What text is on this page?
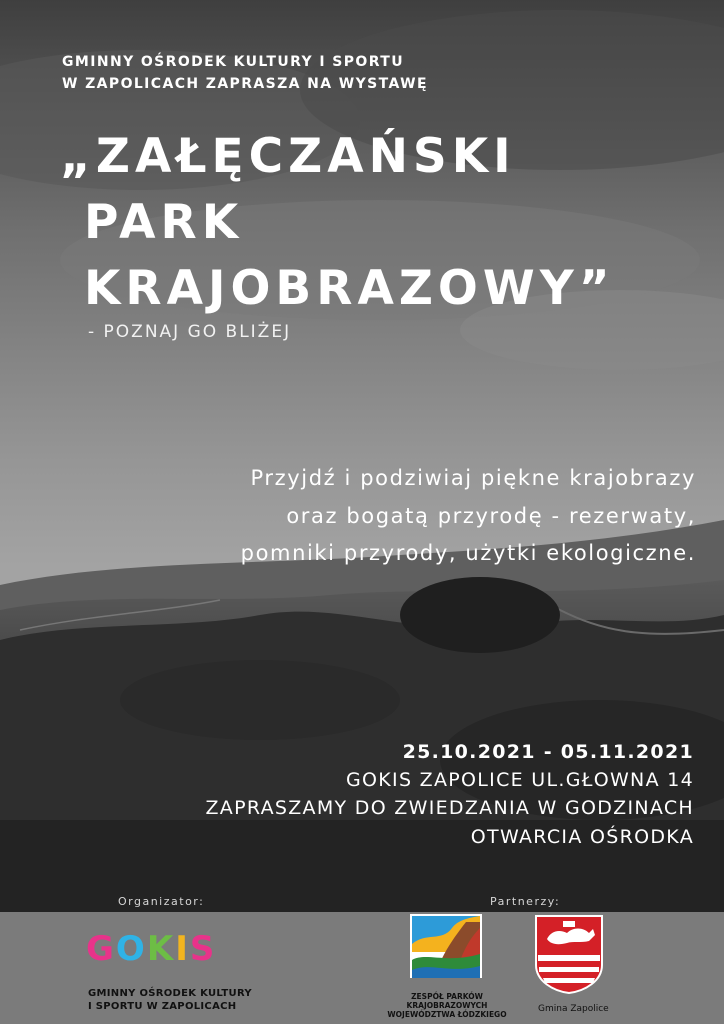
GMINNY OŚRODEK KULTURY I SPORTU

W ZAPOLICACH ZAPRASZA NA WYSTAWĘ

„ZAŁĘCZAŃSKI

PARK

KRAJOBRAZOWY”

- POZNAJ GO BLIŻEJ

Przyjdź i podziwiaj piękne krajobrazy

oraz bogatą przyrodę - rezerwaty,

pomniki przyrody, użytki ekologiczne.

25.10.2021 - 05.11.2021

GOKIS ZAPOLICE UL.GŁOWNA 14

ZAPRASZAMY DO ZWIEDZANIA W GODZINACH

OTWARCIA OŚRODKA

Organizator:	Partnerzy:

GOKIS

GMINNY OŚRODEK KULTURY

I SPORTU W ZAPOLICACH

ZESPÓŁ PARKÓW
KRAJOBRAZOWYCH
WOJEWÓDZTWA ŁÓDZKIEGO

Gmina Zapolice
